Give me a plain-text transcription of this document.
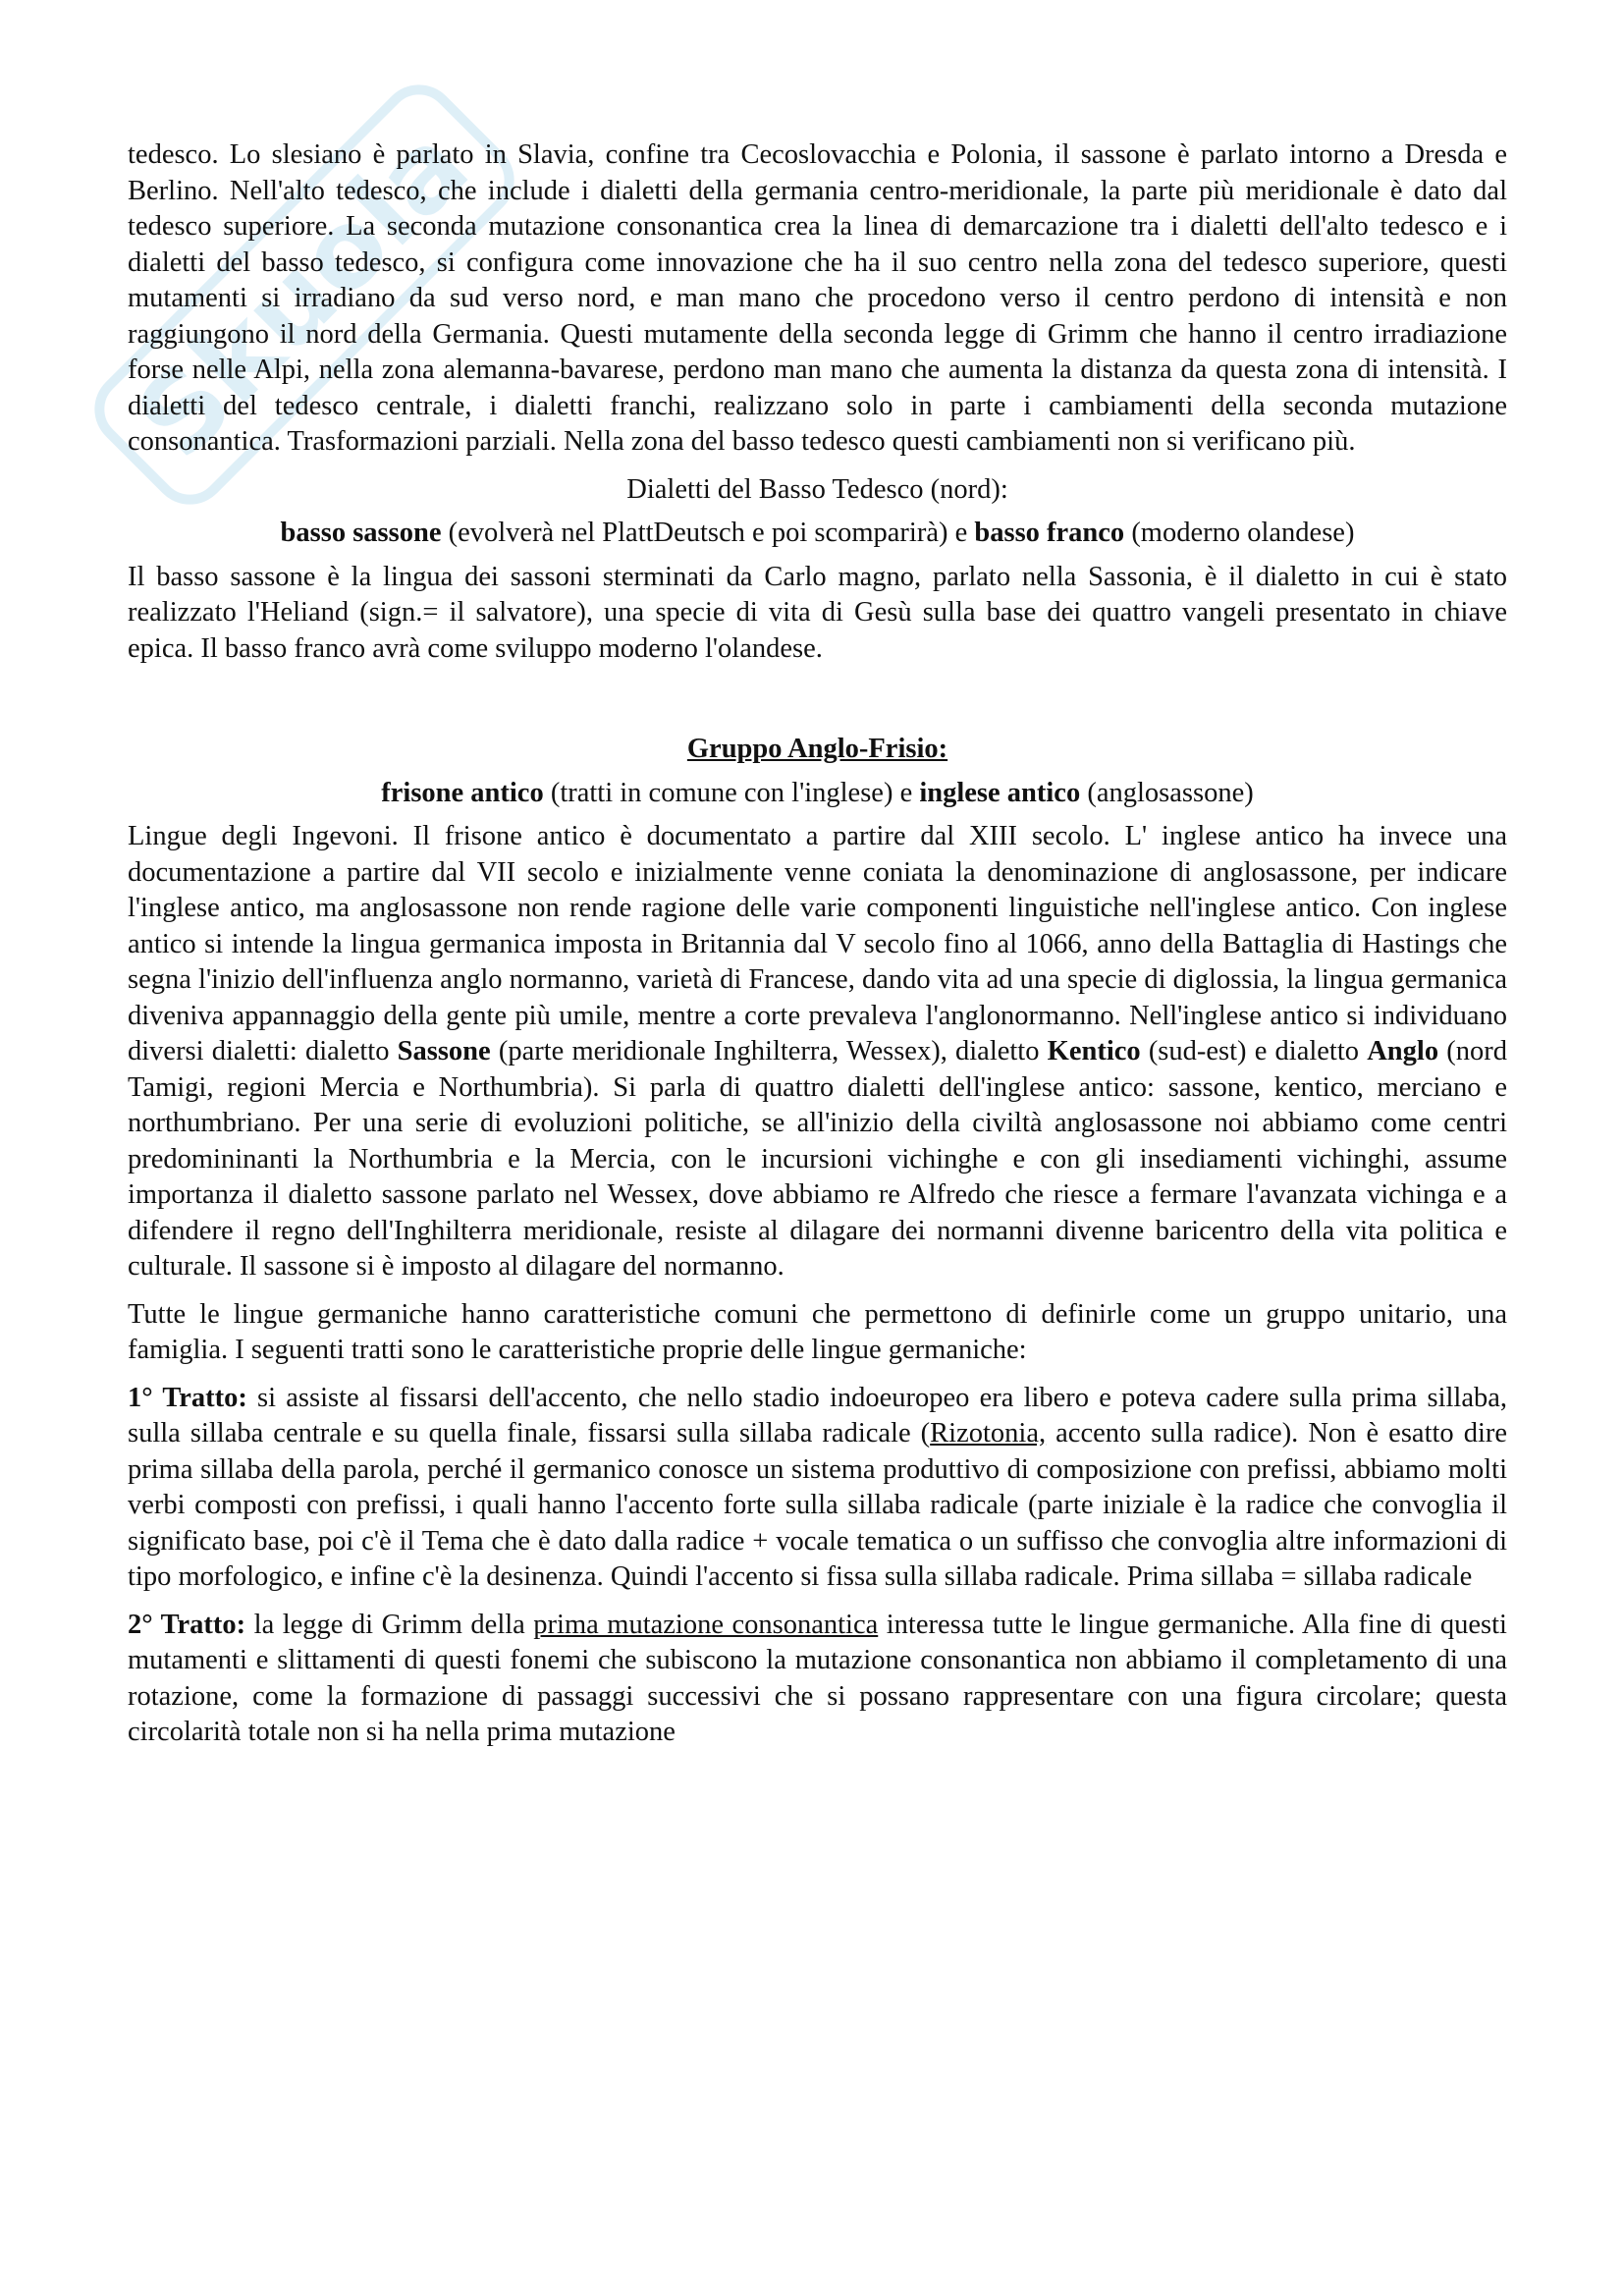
Skuola

tedesco. Lo slesiano è parlato in Slavia, confine tra Cecoslovacchia e Polonia, il sassone è parlato intorno a Dresda e Berlino. Nell'alto tedesco, che include i dialetti della germania centro-meridionale, la parte più meridionale è dato dal tedesco superiore. La seconda mutazione consonantica crea la linea di demarcazione tra i dialetti dell'alto tedesco e i dialetti del basso tedesco, si configura come innovazione che ha il suo centro nella zona del tedesco superiore, questi mutamenti si irradiano da sud verso nord, e man mano che procedono verso il centro perdono di intensità e non raggiungono il nord della Germania. Questi mutamente della seconda legge di Grimm che hanno il centro irradiazione forse nelle Alpi, nella zona alemanna-bavarese, perdono man mano che aumenta la distanza da questa zona di intensità. I dialetti del tedesco centrale, i dialetti franchi, realizzano solo in parte i cambiamenti della seconda mutazione consonantica. Trasformazioni parziali. Nella zona del basso tedesco questi cambiamenti non si verificano più.

Dialetti del Basso Tedesco (nord):

basso sassone (evolverà nel PlattDeutsch e poi scomparirà) e basso franco (moderno olandese)

Il basso sassone è la lingua dei sassoni sterminati da Carlo magno, parlato nella Sassonia, è il dialetto in cui è stato realizzato l'Heliand (sign.= il salvatore), una specie di vita di Gesù sulla base dei quattro vangeli presentato in chiave epica. Il basso franco avrà come sviluppo moderno l'olandese.

Gruppo Anglo-Frisio:

frisone antico (tratti in comune con l'inglese) e inglese antico (anglosassone)

Lingue degli Ingevoni. Il frisone antico è documentato a partire dal XIII secolo. L' inglese antico ha invece una documentazione a partire dal VII secolo e inizialmente venne coniata la denominazione di anglosassone, per indicare l'inglese antico, ma anglosassone non rende ragione delle varie componenti linguistiche nell'inglese antico. Con inglese antico si intende la lingua germanica imposta in Britannia dal V secolo fino al 1066, anno della Battaglia di Hastings che segna l'inizio dell'influenza anglo normanno, varietà di Francese, dando vita ad una specie di diglossia, la lingua germanica diveniva appannaggio della gente più umile, mentre a corte prevaleva l'anglonormanno. Nell'inglese antico si individuano diversi dialetti: dialetto Sassone (parte meridionale Inghilterra, Wessex), dialetto Kentico (sud-est) e dialetto Anglo (nord Tamigi, regioni Mercia e Northumbria). Si parla di quattro dialetti dell'inglese antico: sassone, kentico, merciano e northumbriano. Per una serie di evoluzioni politiche, se all'inizio della civiltà anglosassone noi abbiamo come centri predomininanti la Northumbria e la Mercia, con le incursioni vichinghe e con gli insediamenti vichinghi, assume importanza il dialetto sassone parlato nel Wessex, dove abbiamo re Alfredo che riesce a fermare l'avanzata vichinga e a difendere il regno dell'Inghilterra meridionale, resiste al dilagare dei normanni divenne baricentro della vita politica e culturale. Il sassone si è imposto al dilagare del normanno.

Tutte le lingue germaniche hanno caratteristiche comuni che permettono di definirle come un gruppo unitario, una famiglia. I seguenti tratti sono le caratteristiche proprie delle lingue germaniche:

1° Tratto: si assiste al fissarsi dell'accento, che nello stadio indoeuropeo era libero e poteva cadere sulla prima sillaba, sulla sillaba centrale e su quella finale, fissarsi sulla sillaba radicale (Rizotonia, accento sulla radice). Non è esatto dire prima sillaba della parola, perché il germanico conosce un sistema produttivo di composizione con prefissi, abbiamo molti verbi composti con prefissi, i quali hanno l'accento forte sulla sillaba radicale (parte iniziale è la radice che convoglia il significato base, poi c'è il Tema che è dato dalla radice + vocale tematica o un suffisso che convoglia altre informazioni di tipo morfologico, e infine c'è la desinenza. Quindi l'accento si fissa sulla sillaba radicale. Prima sillaba = sillaba radicale

2° Tratto: la legge di Grimm della prima mutazione consonantica interessa tutte le lingue germaniche. Alla fine di questi mutamenti e slittamenti di questi fonemi che subiscono la mutazione consonantica non abbiamo il completamento di una rotazione, come la formazione di passaggi successivi che si possano rappresentare con una figura circolare; questa circolarità totale non si ha nella prima mutazione
